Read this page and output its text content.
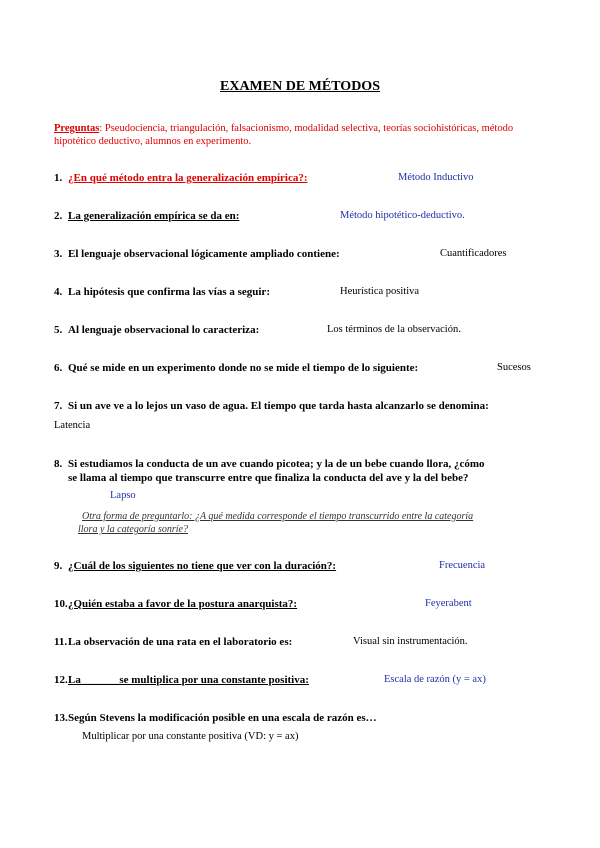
EXAMEN DE MÉTODOS
Preguntas: Pseudociencia, triangulación, falsacionismo, modalidad selectiva, teorías sociohistóricas, método hipotético deductivo, alumnos en experimento.
1. ¿En qué método entra la generalización empírica?:	Método Inductivo
2. La generalización empírica se da en:	Método hipotético-deductivo.
3. El lenguaje observacional lógicamente ampliado contiene:	Cuantificadores
4. La hipótesis que confirma las vías a seguir:	Heurística positiva
5. Al lenguaje observacional lo caracteriza:	Los términos de la observación.
6. Qué se mide en un experimento donde no se mide el tiempo de lo siguiente:	Sucesos
7. Si un ave ve a lo lejos un vaso de agua. El tiempo que tarda hasta alcanzarlo se denomina:
Latencia
8. Si estudiamos la conducta de un ave cuando picotea; y la de un bebe cuando llora, ¿cómo
se llama al tiempo que transcurre entre que finaliza la conducta del ave y la del bebe?
Lapso
Otra forma de preguntarlo: ¿A qué medida corresponde el tiempo transcurrido entre la categoría
llora y la categoría sonríe?
9. ¿Cuál de los siguientes no tiene que ver con la duración?:	Frecuencia
10. ¿Quién estaba a favor de la postura anarquista?:	Feyerabent
11. La observación de una rata en el laboratorio es:	Visual sin instrumentación.
12. La_______se multiplica por una constante positiva:	Escala de razón (y = ax)
13. Según Stevens la modificación posible en una escala de razón es…
Multiplicar por una constante positiva (VD: y = ax)
